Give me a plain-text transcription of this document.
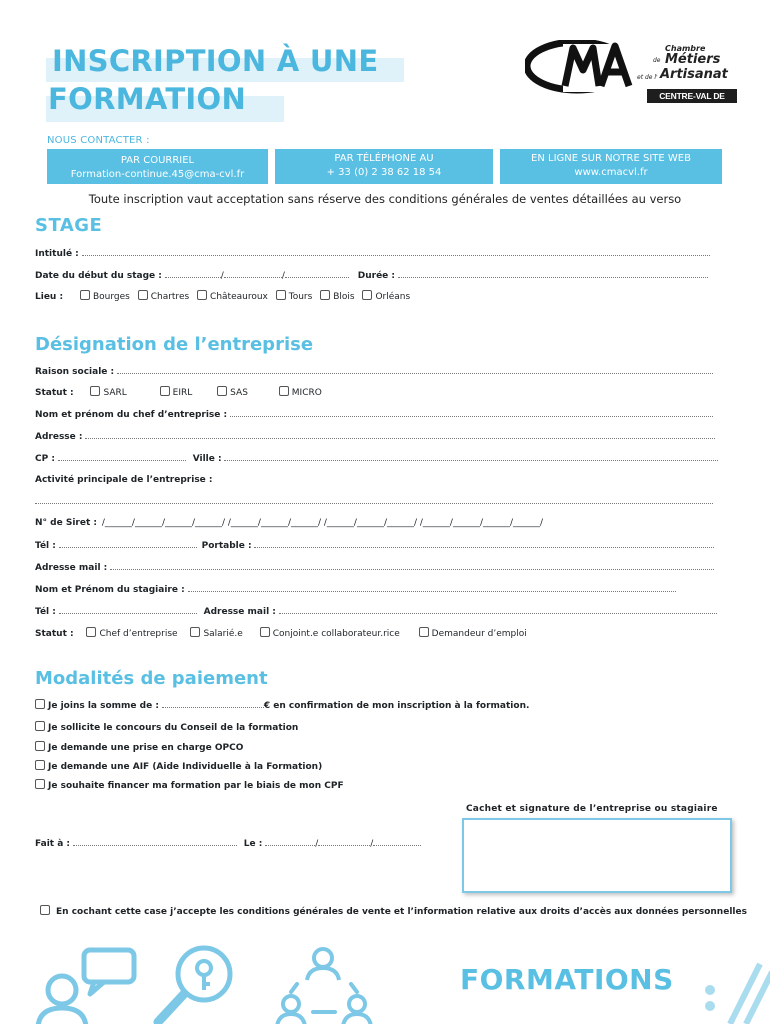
INSCRIPTION À UNE
FORMATION
Chambre
de Métiers
et de l' Artisanat
CENTRE-VAL DE LOIRE
NOUS CONTACTER :
PAR COURRIEL
Formation-continue.45@cma-cvl.fr
PAR TÉLÉPHONE AU
+ 33 (0) 2 38 62 18 54
EN LIGNE SUR NOTRE SITE WEB
www.cmacvl.fr
Toute inscription vaut acceptation sans réserve des conditions générales de ventes détaillées au verso
STAGE
Intitulé :
Date du début du stage :	/	/	Durée :
Lieu :	Bourges Chartres Châteauroux Tours Blois Orléans
Désignation de l’entreprise
Raison sociale :
Statut :	SARL	EIRL	SAS	MICRO
Nom et prénom du chef d’entreprise :
Adresse :
CP :	Ville :
Activité principale de l’entreprise :
N° de Siret : /______/______/______/______/ /______/______/______/ /______/______/______/ /______/______/______/______/
Tél :	Portable :
Adresse mail :
Nom et Prénom du stagiaire :
Tél :	Adresse mail :
Statut :	Chef d’entreprise	Salarié.e	Conjoint.e collaborateur.rice	Demandeur d’emploi
Modalités de paiement
Je joins la somme de :	€ en confirmation de mon inscription à la formation.
Je sollicite le concours du Conseil de la formation
Je demande une prise en charge OPCO
Je demande une AIF (Aide Individuelle à la Formation)
Je souhaite financer ma formation par le biais de mon CPF
Cachet et signature de l’entreprise ou stagiaire
Fait à :	Le :	/	/
En cochant cette case j’accepte les conditions générales de vente et l’information relative aux droits d’accès aux données personnelles
FORMATIONS
